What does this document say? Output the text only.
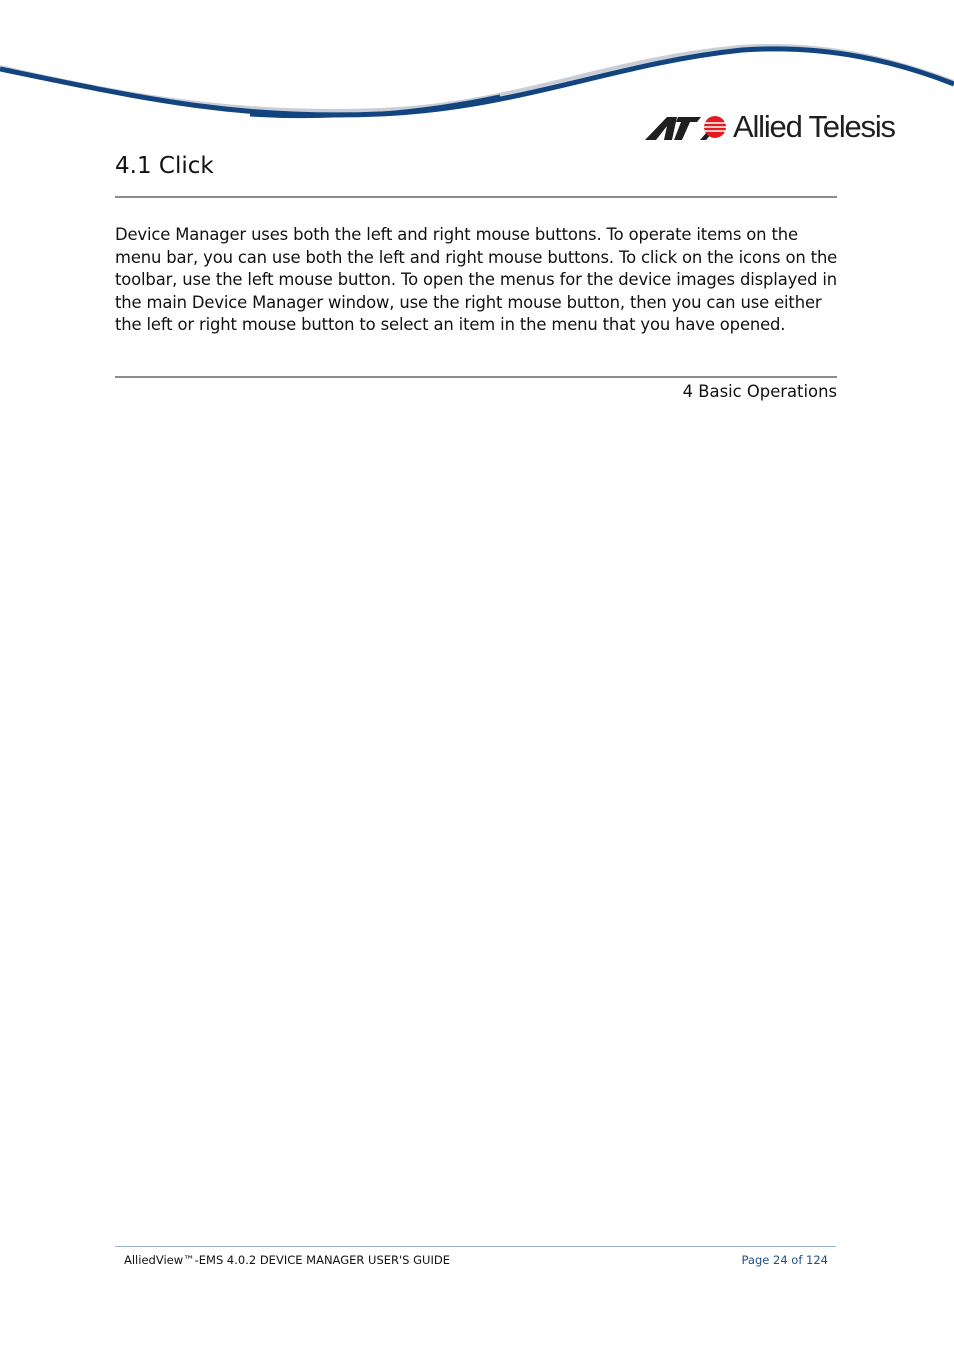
Allied Telesis
4.1 Click

Device Manager uses both the left and right mouse buttons. To operate items on the menu bar, you can use both the left and right mouse buttons. To click on the icons on the toolbar, use the left mouse button. To open the menus for the device images displayed in the main Device Manager window, use the right mouse button, then you can use either the left or right mouse button to select an item in the menu that you have opened.

4 Basic Operations
AlliedView™-EMS 4.0.2 DEVICE MANAGER USER'S GUIDE	Page 24 of 124
